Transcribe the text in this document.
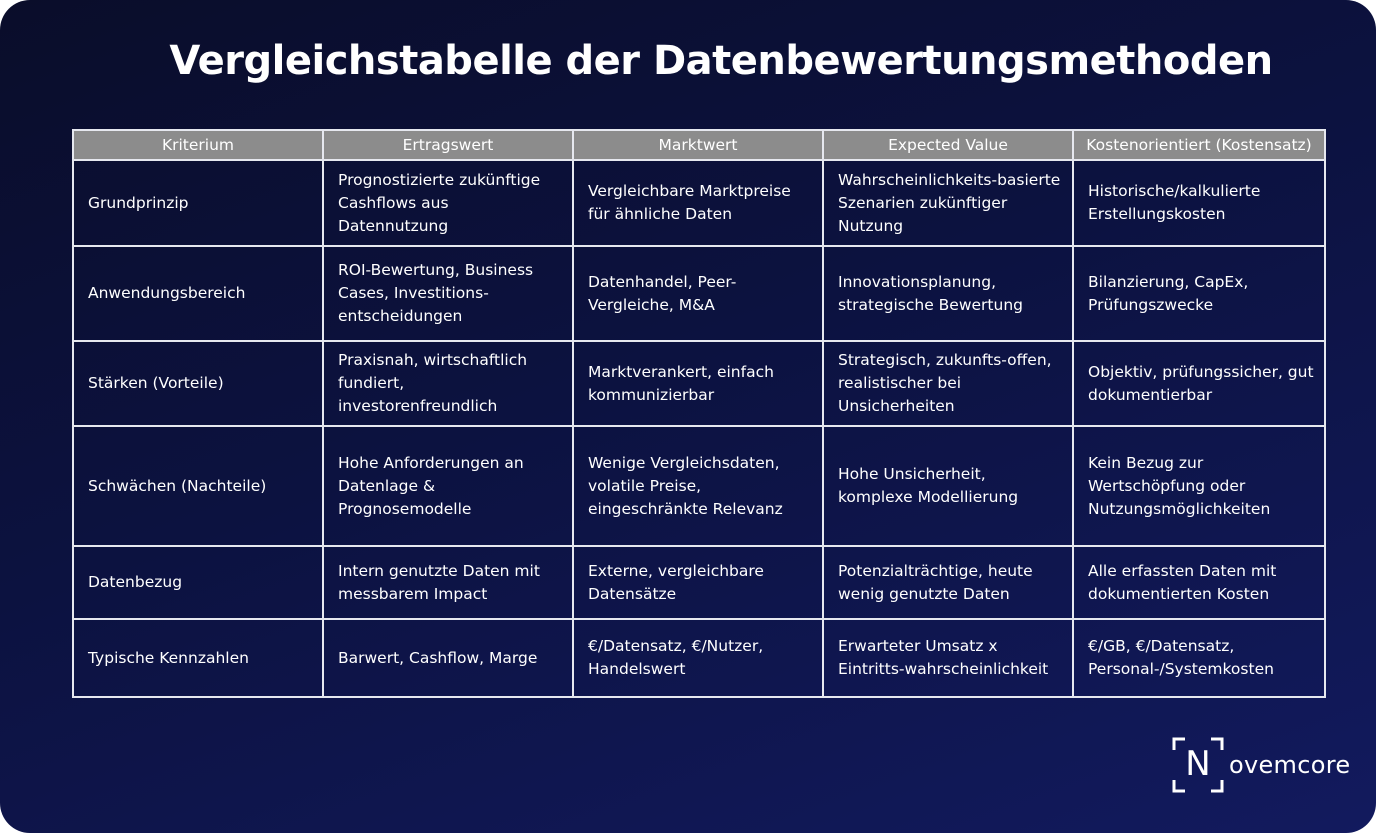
Vergleichstabelle der Datenbewertungsmethoden
Kriterium	Ertragswert	Marktwert	Expected Value	Kostenorientiert (Kostensatz)
Grundprinzip	Prognostizierte zukünftige Cashflows aus Datennutzung	Vergleichbare Marktpreise für ähnliche Daten	Wahrscheinlichkeits-basierte Szenarien zukünftiger Nutzung	Historische/kalkulierte Erstellungskosten
Anwendungsbereich	ROI-Bewertung, Business Cases, Investitions-entscheidungen	Datenhandel, Peer-Vergleiche, M&A	Innovationsplanung, strategische Bewertung	Bilanzierung, CapEx, Prüfungszwecke
Stärken (Vorteile)	Praxisnah, wirtschaftlich fundiert, investorenfreundlich	Marktverankert, einfach kommunizierbar	Strategisch, zukunfts-offen, realistischer bei Unsicherheiten	Objektiv, prüfungssicher, gut dokumentierbar
Schwächen (Nachteile)	Hohe Anforderungen an Datenlage & Prognosemodelle	Wenige Vergleichsdaten, volatile Preise, eingeschränkte Relevanz	Hohe Unsicherheit, komplexe Modellierung	Kein Bezug zur Wertschöpfung oder Nutzungsmöglichkeiten
Datenbezug	Intern genutzte Daten mit messbarem Impact	Externe, vergleichbare Datensätze	Potenzialträchtige, heute wenig genutzte Daten	Alle erfassten Daten mit dokumentierten Kosten
Typische Kennzahlen	Barwert, Cashflow, Marge	€/Datensatz, €/Nutzer, Handelswert	Erwarteter Umsatz x Eintritts-wahrscheinlichkeit	€/GB, €/Datensatz, Personal-/Systemkosten
N ovemcore
